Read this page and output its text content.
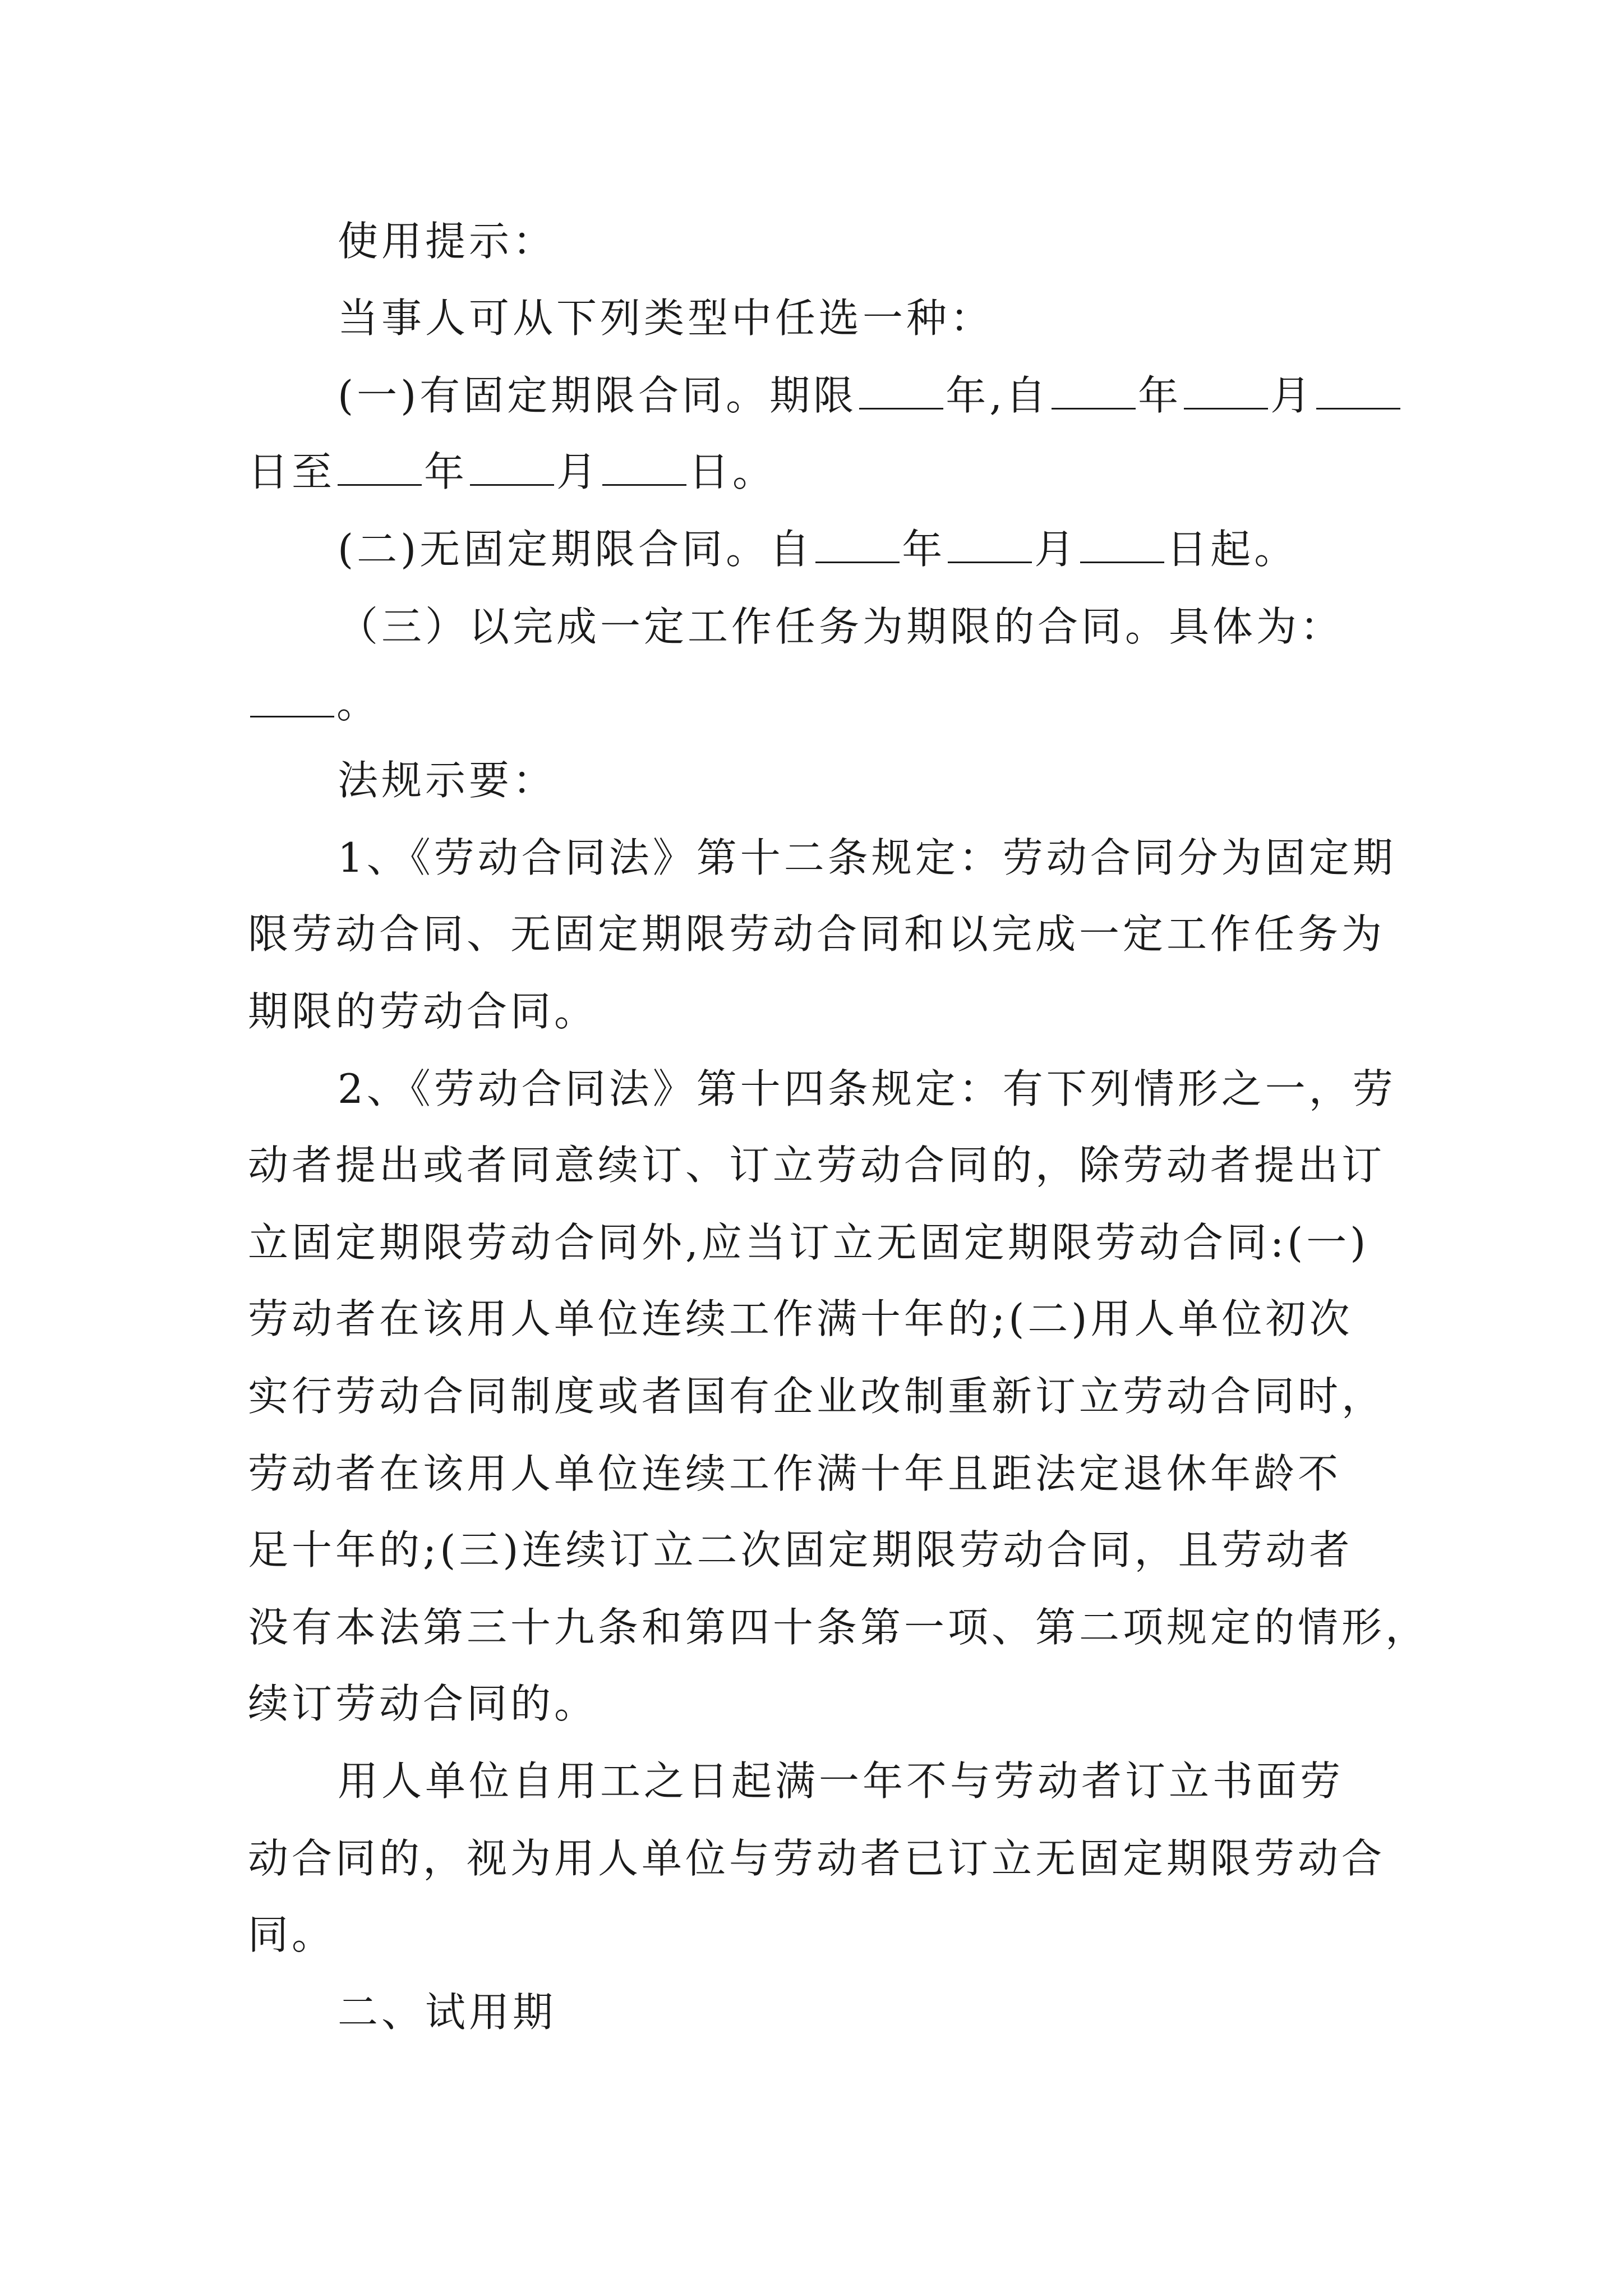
使用提示：
当事人可从下列类型中任选一种：
(一)有固定期限合同。期限 年,自 年 月
日至 年 月 日。
(二)无固定期限合同。自 年 月 日起。
（三）以完成一定工作任务为期限的合同。具体为：
。
法规示要：
1、《劳动合同法》第十二条规定：劳动合同分为固定期
限劳动合同、无固定期限劳动合同和以完成一定工作任务为
期限的劳动合同。
2、《劳动合同法》第十四条规定：有下列情形之一，劳
动者提出或者同意续订、订立劳动合同的，除劳动者提出订
立固定期限劳动合同外,应当订立无固定期限劳动合同:(一)
劳动者在该用人单位连续工作满十年的;(二)用人单位初次
实行劳动合同制度或者国有企业改制重新订立劳动合同时，
劳动者在该用人单位连续工作满十年且距法定退休年龄不
足十年的;(三)连续订立二次固定期限劳动合同，且劳动者
没有本法第三十九条和第四十条第一项、第二项规定的情形，
续订劳动合同的。
用人单位自用工之日起满一年不与劳动者订立书面劳
动合同的，视为用人单位与劳动者已订立无固定期限劳动合
同。
二、试用期
